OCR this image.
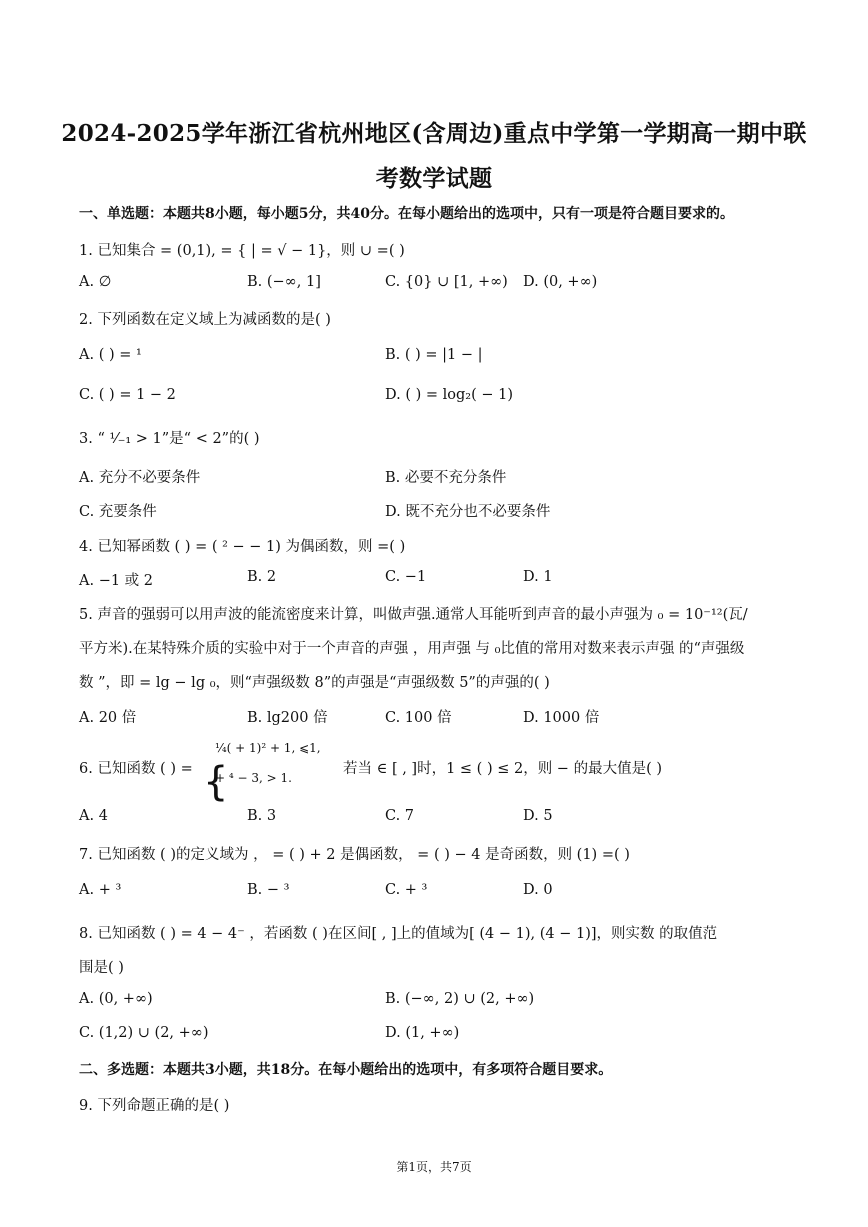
2024-2025学年浙江省杭州地区(含周边)重点中学第一学期高一期中联
考数学试题
一、单选题：本题共8小题，每小题5分，共40分。在每小题给出的选项中，只有一项是符合题目要求的。
1. 已知集合 = (0,1), = { | = √ − 1}，则 ∪ =( )
A. ∅	B. (−∞, 1]	C. {0} ∪ [1, +∞) D. (0, +∞)
2. 下列函数在定义域上为减函数的是( )
A. ( ) = ¹	B. ( ) = |1 − |
C. ( ) = 1 − 2	D. ( ) = log₂( − 1)
3. “ ¹⁄₋₁ > 1”是“ < 2”的( )
A. 充分不必要条件	B. 必要不充分条件
C. 充要条件	D. 既不充分也不必要条件
4. 已知幂函数 ( ) = ( ² − − 1) 为偶函数，则 =( )
A. −1 或 2	B. 2	C. −1	D. 1
5. 声音的强弱可以用声波的能流密度来计算，叫做声强.通常人耳能听到声音的最小声强为 ₀ = 10⁻¹²(瓦/
平方米).在某特殊介质的实验中对于一个声音的声强 ，用声强 与 ₀比值的常用对数来表示声强 的“声强级
数 ”，即 = lg − lg ₀，则“声强级数 8”的声强是“声强级数 5”的声强的( )
A. 20 倍	B. lg200 倍	C. 100 倍	D. 1000 倍
6. 已知函数 ( ) = {
¼( + 1)² + 1, ⩽1,
+ ⁴ − 3, > 1.
若当 ∈ [ , ]时，1 ≤ ( ) ≤ 2，则 − 的最大值是( )
A. 4	B. 3	C. 7	D. 5
7. 已知函数 ( )的定义域为 ， = ( ) + 2 是偶函数， = ( ) − 4 是奇函数，则 (1) =( )
A. + ³	B. − ³	C. + ³	D. 0
8. 已知函数 ( ) = 4 − 4⁻ ，若函数 ( )在区间[ , ]上的值域为[ (4 − 1), (4 − 1)]，则实数 的取值范
围是( )
A. (0, +∞)	B. (−∞, 2) ∪ (2, +∞)
C. (1,2) ∪ (2, +∞)	D. (1, +∞)
二、多选题：本题共3小题，共18分。在每小题给出的选项中，有多项符合题目要求。
9. 下列命题正确的是( )
第1页，共7页
